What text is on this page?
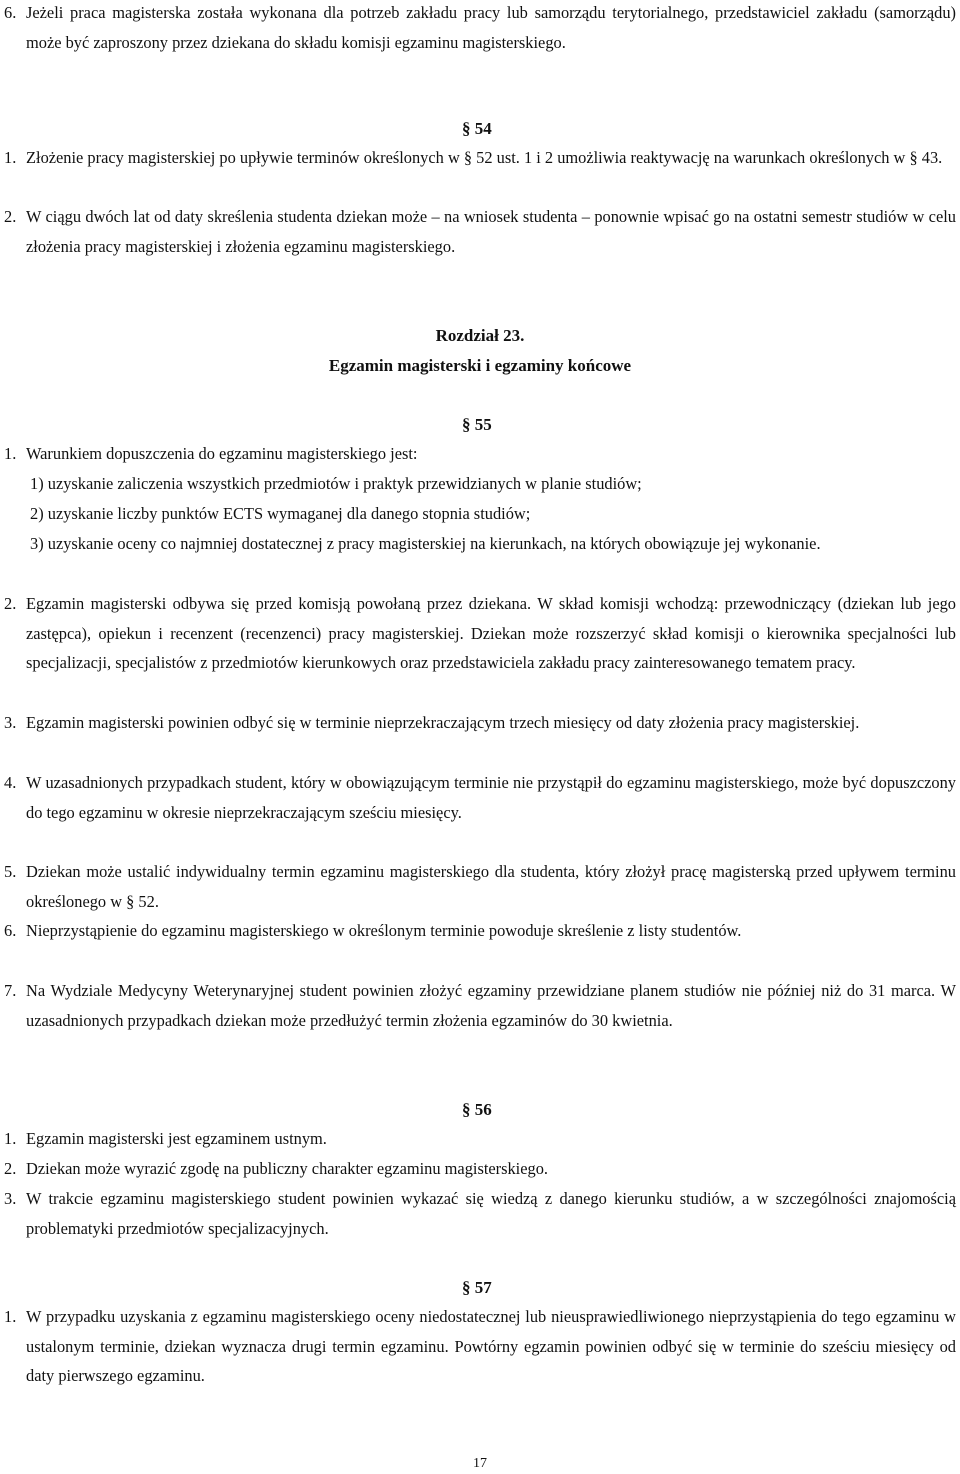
6. Jeżeli praca magisterska została wykonana dla potrzeb zakładu pracy lub samorządu terytorialnego, przedstawiciel zakładu (samorządu) może być zaproszony przez dziekana do składu komisji egzaminu magisterskiego.
§ 54
1. Złożenie pracy magisterskiej po upływie terminów określonych w § 52 ust. 1 i 2 umożliwia reaktywację na warunkach określonych w § 43.
2. W ciągu dwóch lat od daty skreślenia studenta dziekan może – na wniosek studenta – ponownie wpisać go na ostatni semestr studiów w celu złożenia pracy magisterskiej i złożenia egzaminu magisterskiego.
Rozdział 23.
Egzamin magisterski i egzaminy końcowe
§ 55
1. Warunkiem dopuszczenia do egzaminu magisterskiego jest:
1) uzyskanie zaliczenia wszystkich przedmiotów i praktyk przewidzianych w planie studiów;
2) uzyskanie liczby punktów ECTS wymaganej dla danego stopnia studiów;
3) uzyskanie oceny co najmniej dostatecznej z pracy magisterskiej na kierunkach, na których obowiązuje jej wykonanie.
2. Egzamin magisterski odbywa się przed komisją powołaną przez dziekana. W skład komisji wchodzą: przewodniczący (dziekan lub jego zastępca), opiekun i recenzent (recenzenci) pracy magisterskiej. Dziekan może rozszerzyć skład komisji o kierownika specjalności lub specjalizacji, specjalistów z przedmiotów kierunkowych oraz przedstawiciela zakładu pracy zainteresowanego tematem pracy.
3. Egzamin magisterski powinien odbyć się w terminie nieprzekraczającym trzech miesięcy od daty złożenia pracy magisterskiej.
4. W uzasadnionych przypadkach student, który w obowiązującym terminie nie przystąpił do egzaminu magisterskiego, może być dopuszczony do tego egzaminu w okresie nieprzekraczającym sześciu miesięcy.
5. Dziekan może ustalić indywidualny termin egzaminu magisterskiego dla studenta, który złożył pracę magisterską przed upływem terminu określonego w § 52.
6. Nieprzystąpienie do egzaminu magisterskiego w określonym terminie powoduje skreślenie z listy studentów.
7. Na Wydziale Medycyny Weterynaryjnej student powinien złożyć egzaminy przewidziane planem studiów nie później niż do 31 marca. W uzasadnionych przypadkach dziekan może przedłużyć termin złożenia egzaminów do 30 kwietnia.
§ 56
1. Egzamin magisterski jest egzaminem ustnym.
2. Dziekan może wyrazić zgodę na publiczny charakter egzaminu magisterskiego.
3. W trakcie egzaminu magisterskiego student powinien wykazać się wiedzą z danego kierunku studiów, a w szczególności znajomością problematyki przedmiotów specjalizacyjnych.
§ 57
1. W przypadku uzyskania z egzaminu magisterskiego oceny niedostatecznej lub nieusprawiedliwionego nieprzystąpienia do tego egzaminu w ustalonym terminie, dziekan wyznacza drugi termin egzaminu. Powtórny egzamin powinien odbyć się w terminie do sześciu miesięcy od daty pierwszego egzaminu.
17
